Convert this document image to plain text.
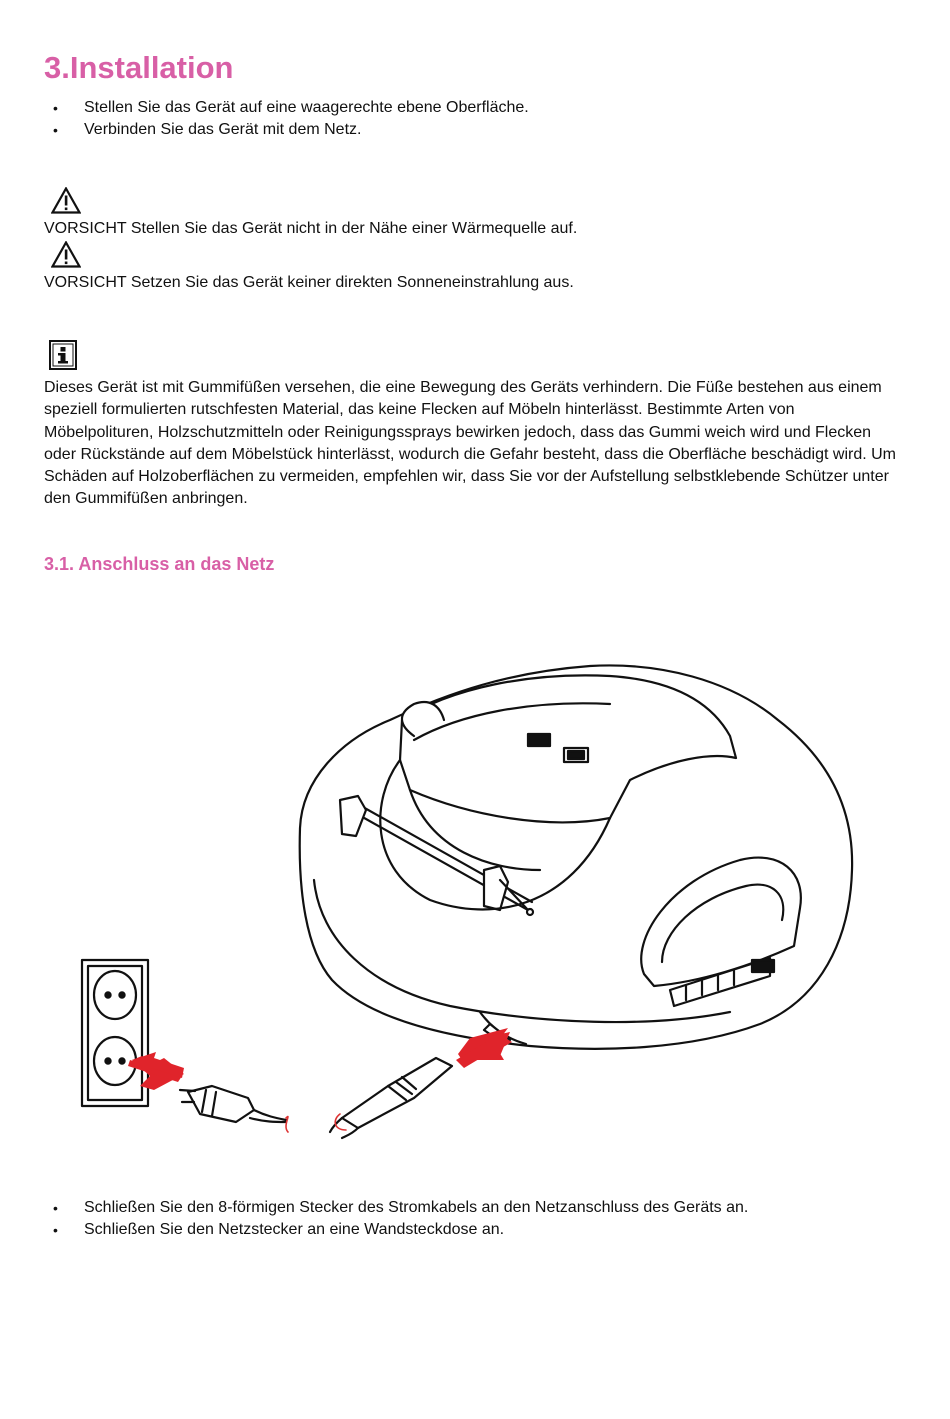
3.Installation
• Stellen Sie das Gerät auf eine waagerechte ebene Oberfläche.
• Verbinden Sie das Gerät mit dem Netz.

VORSICHT Stellen Sie das Gerät nicht in der Nähe einer Wärmequelle auf.

VORSICHT Setzen Sie das Gerät keiner direkten Sonneneinstrahlung aus.

Dieses Gerät ist mit Gummifüßen versehen, die eine Bewegung des Geräts verhindern. Die Füße bestehen aus einem speziell formulierten rutschfesten Material, das keine Flecken auf Möbeln hinterlässt. Bestimmte Arten von Möbelpolituren, Holzschutzmitteln oder Reinigungssprays bewirken jedoch, dass das Gummi weich wird und Flecken oder Rückstände auf dem Möbelstück hinterlässt, wodurch die Gefahr besteht, dass die Oberfläche beschädigt wird. Um Schäden auf Holzoberflächen zu vermeiden, empfehlen wir, dass Sie vor der Aufstellung selbstklebende Schützer unter den Gummifüßen anbringen.

3.1. Anschluss an das Netz
• Schließen Sie den 8-förmigen Stecker des Stromkabels an den Netzanschluss des Geräts an.
• Schließen Sie den Netzstecker an eine Wandsteckdose an.
